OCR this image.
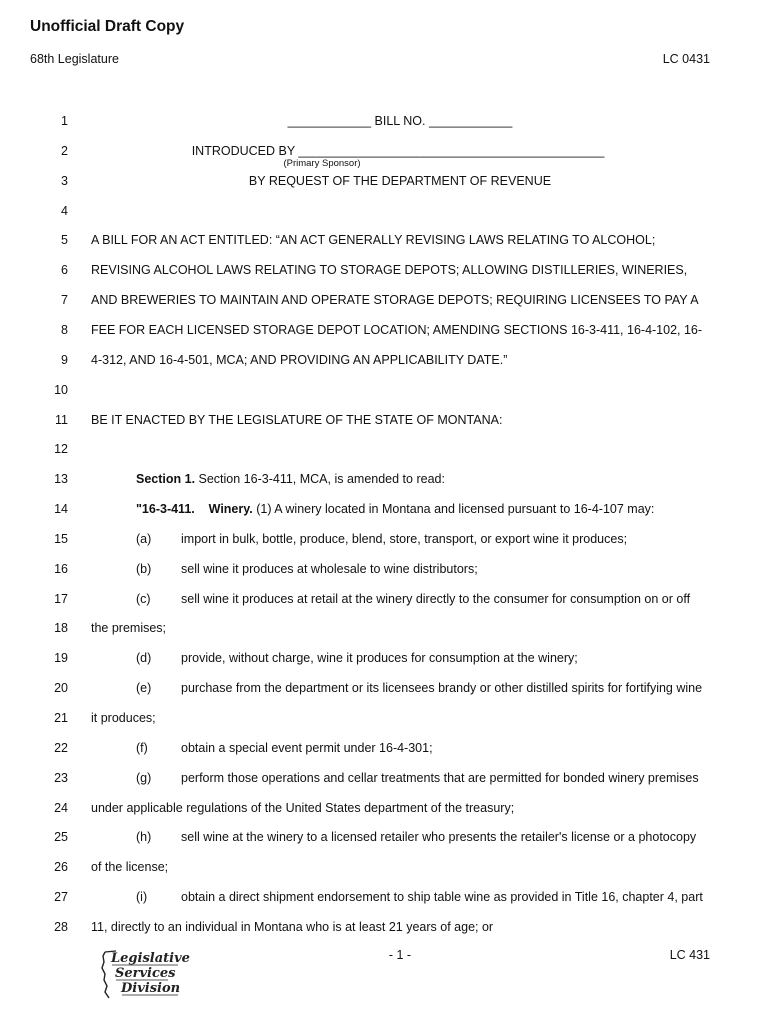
Unofficial Draft Copy
68th Legislature	LC 0431
1	____________ BILL NO. ____________
2	INTRODUCED BY ____________________________________________
(Primary Sponsor)
3	BY REQUEST OF THE DEPARTMENT OF REVENUE
4
5 A BILL FOR AN ACT ENTITLED: “AN ACT GENERALLY REVISING LAWS RELATING TO ALCOHOL;
6 REVISING ALCOHOL LAWS RELATING TO STORAGE DEPOTS; ALLOWING DISTILLERIES, WINERIES,
7 AND BREWERIES TO MAINTAIN AND OPERATE STORAGE DEPOTS; REQUIRING LICENSEES TO PAY A
8 FEE FOR EACH LICENSED STORAGE DEPOT LOCATION; AMENDING SECTIONS 16-3-411, 16-4-102, 16-
9 4-312, AND 16-4-501, MCA; AND PROVIDING AN APPLICABILITY DATE.”
10
11 BE IT ENACTED BY THE LEGISLATURE OF THE STATE OF MONTANA:
12
13	Section 1. Section 16-3-411, MCA, is amended to read:
14	"16-3-411.    Winery. (1) A winery located in Montana and licensed pursuant to 16-4-107 may:
15	(a) import in bulk, bottle, produce, blend, store, transport, or export wine it produces;
16	(b) sell wine it produces at wholesale to wine distributors;
17	(c) sell wine it produces at retail at the winery directly to the consumer for consumption on or off
18 the premises;
19	(d) provide, without charge, wine it produces for consumption at the winery;
20	(e) purchase from the department or its licensees brandy or other distilled spirits for fortifying wine
21 it produces;
22	(f)	obtain a special event permit under 16-4-301;
23	(g) perform those operations and cellar treatments that are permitted for bonded winery premises
24 under applicable regulations of the United States department of the treasury;
25	(h) sell wine at the winery to a licensed retailer who presents the retailer's license or a photocopy
26 of the license;
27	(i)	obtain a direct shipment endorsement to ship table wine as provided in Title 16, chapter 4, part
28 11, directly to an individual in Montana who is at least 21 years of age; or
- 1 -	LC 431
Legislative
Services
Division
